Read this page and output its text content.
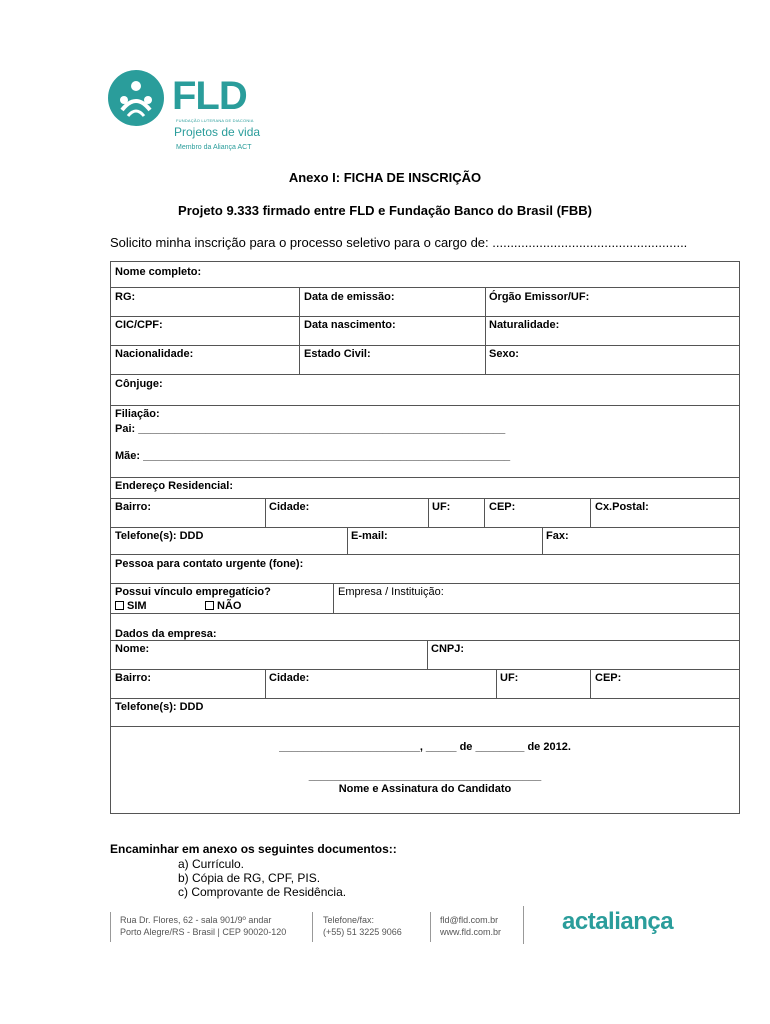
FLD
FUNDAÇÃO LUTERANA DE DIACONIA
Projetos de vida
Membro da Aliança ACT
Anexo I: FICHA DE INSCRIÇÃO
Projeto 9.333 firmado entre FLD e Fundação Banco do Brasil (FBB)
Solicito minha inscrição para o processo seletivo para o cargo de: ......................................................
Nome completo:
RG:	Data de emissão:	Órgão Emissor/UF:
CIC/CPF:	Data nascimento:	Naturalidade:
Nacionalidade:	Estado Civil:	Sexo:
Cônjuge:
Filiação:
Pai: ____________________________________________________________
Mãe: ____________________________________________________________
Endereço Residencial:
Bairro:	Cidade:	UF:	CEP:	Cx.Postal:
Telefone(s): DDD	E-mail:	Fax:
Pessoa para contato urgente (fone):
Possui vínculo empregatício?
SIM	NÃO
Empresa / Instituição:
Dados da empresa:
Nome:	CNPJ:
Bairro:	Cidade:	UF:	CEP:
Telefone(s): DDD
_______________________, _____ de ________ de 2012.
______________________________________
Nome e Assinatura do Candidato
Encaminhar em anexo os seguintes documentos::
a) Currículo.
b) Cópia de RG, CPF, PIS.
c) Comprovante de Residência.
Rua Dr. Flores, 62 - sala 901/9º andar
Porto Alegre/RS - Brasil | CEP 90020-120
Telefone/fax:
(+55) 51 3225 9066
fld@fld.com.br
www.fld.com.br	actaliança
